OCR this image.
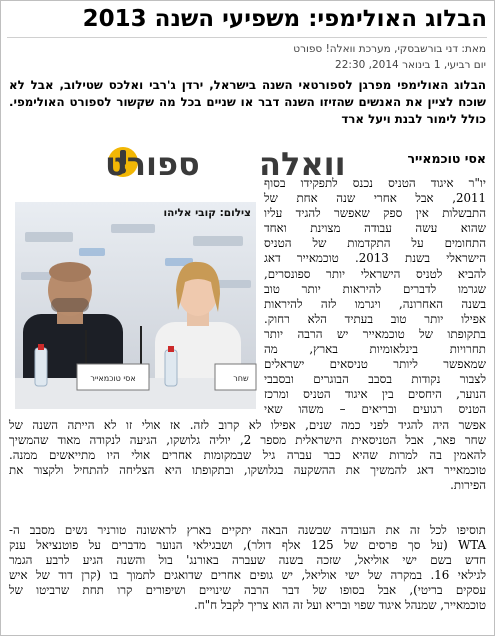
הבלוג האולימפי: משפיעי השנה 2013
מאת: דני בורשבסקי, מערכת וואלה! ספורט
יום רביעי, 1 בינואר 2014, 22:30
הבלוג האולימפי מפרגן לספורטאי השנה בישראל, ירדן ג'רבי ואלכס שטילוב, אבל לא שוכח לציין את האנשים שהזיזו השנה דבר או שניים בכל מה שקשור לספורט האולימפי. כולל לימור לבנת ויעל ארד
וואלה
ספורט	אסי טוכמאייר
אסי טוכמאייר	שחר
צילום: קובי אליהו
יו"ר איגוד הטניס נכנס לתפקידו בסוף
2011, אבל אחרי שנה אחת של
התבשלות אין ספק שאפשר להגיד עליו
שהוא עשה עבודה מצוינת ואחד
התחומים על התקדמות של הטניס
הישראלי בשנת 2013. טוכמאייר דאג
להביא לטניס הישראלי יותר ספונסרים,
שגרמו לדברים להיראות יותר טוב
בשנה האחרונה, ויגרמו לזה להיראות
אפילו יותר טוב בעתיד הלא רחוק.
בתקופתו של טוכמאייר יש הרבה יותר
תחרויות בינלאומיות בארץ, מה
שמאפשר ליותר טניסאים ישראלים
לצבור נקודות בסבב הבוגרים ובסבבי
הנוער, היחסים בין איגוד הטניס ומרכז
הטניס רגועים ובריאים – משהו שאי
אפשר היה להגיד לפני כמה שנים, אפילו לא קרוב לזה. אז אולי זו לא הייתה השנה של
שחר פאר, אבל הטניסאית הישראלית מספר 2, יוליה גלושקו, הגיעה לנקודה מאוד שהמשיך
להאמין בה למרות שהיא כבר עברה גיל שבמקומות אחרים אולי היו מתייאשים ממנה.
טוכמאייר דאג להמשיך את ההשקעה בגלושקו, ובתקופתו היא הצליחה להתחיל ולקצור את
הפירות.
תוסיפו לכל זה את העובדה שבשנה הבאה יתקיים בארץ לראשונה טורניר נשים מסבב ה-
WTA (על סך פרסים של 125 אלף דולר), ושבגילאי הנוער מדברים על פוטנציאל ענק
חדש בשם ישי אוליאל, שזכה בשנה שעברה באורנג' בול והשנה הגיע לרבע הגמר
לגילאי 16. במקרה של ישי אוליאל, יש גופים אחרים שדואגים לתמוך בו (קרן דוד של איש
עסקים בריטי), אבל בסופו של דבר הרבה שינויים ושיפורים קרו תחת שרביטו של
טוכמאייר, שמנהל איגוד שפוי ובריא ועל זה הוא צריך לקבל ח"ח.
